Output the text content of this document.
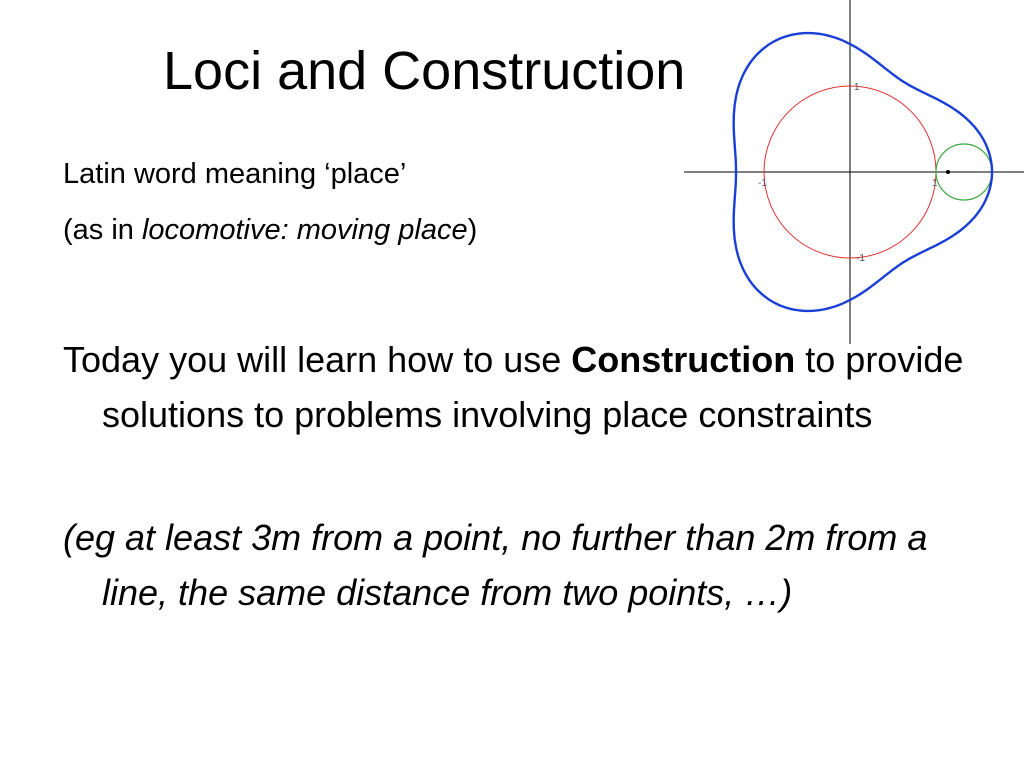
Loci and Construction
Latin word meaning ‘place’
(as in locomotive: moving place)
Today you will learn how to use Construction to provide solutions to problems involving place constraints
(eg at least 3m from a point, no further than 2m from a line, the same distance from two points, …)
1
-1	1
-1
